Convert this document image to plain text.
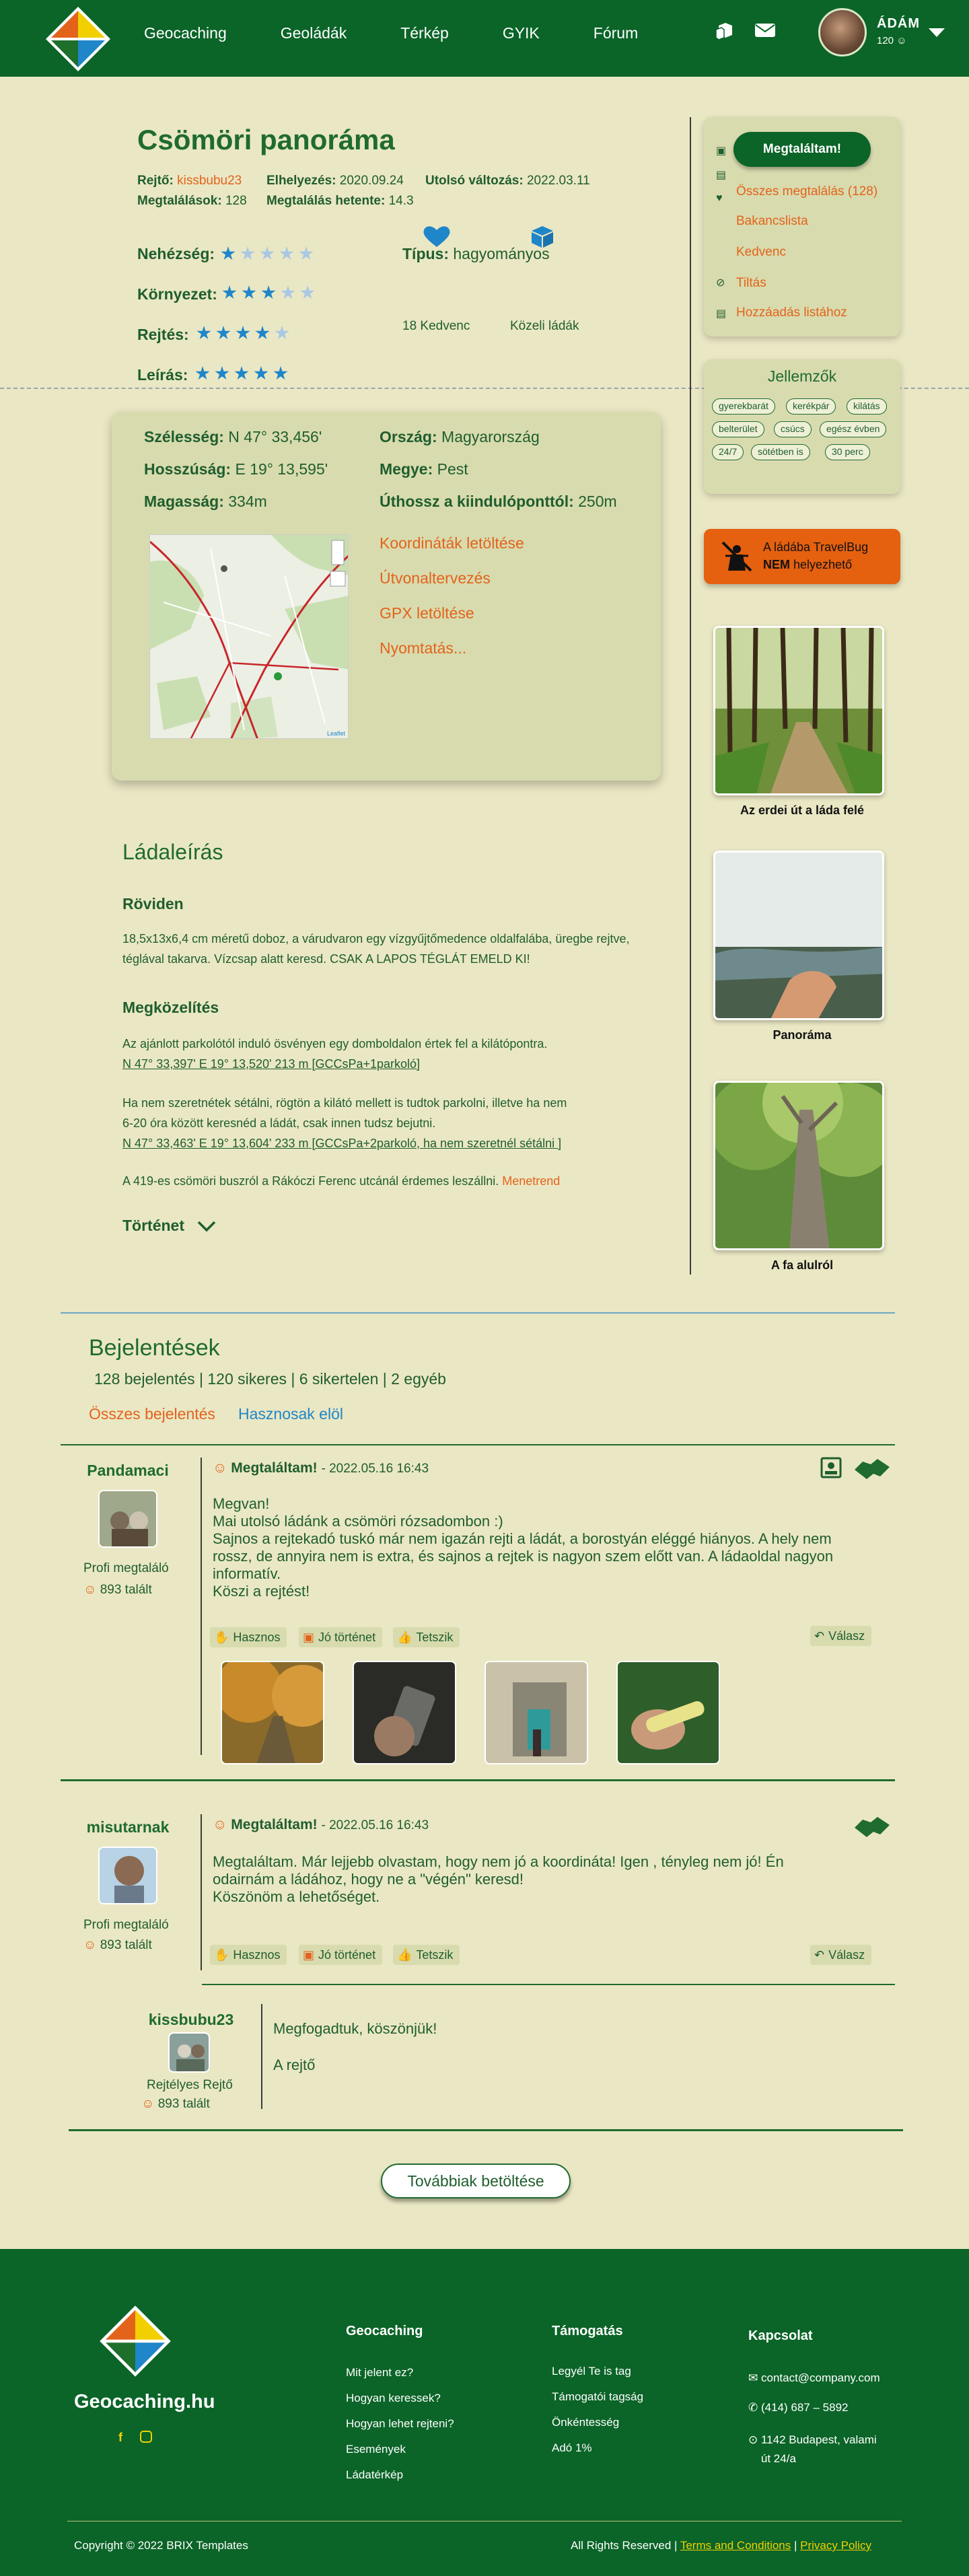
Geocaching	Geoládák	Térkép	GYIK	Fórum
ÁDÁM
120 ☺
Csömöri panoráma
Rejtő: kissbubu23 Elhelyezés: 2020.09.24 Utolsó változás: 2022.03.11
Megtalálások: 128 Megtalálás hetente: 14.3
Nehézség:
Környezet:
Rejtés:
Leírás:
Típus: hagyományos
18 Kedvenc	Közeli ládák
Szélesség: N 47° 33,456'
Hosszúság: E 19° 13,595'
Magasság: 334m
Ország: Magyarország
Megye: Pest
Úthossz a kiindulóponttól: 250m
Koordináták letöltése
Útvonaltervezés
GPX letöltése
Nyomtatás...
Leaflet
Megtaláltam!
▣
▤
♥
⊘
▤
Összes megtalálás (128)
Bakancslista
Kedvenc
Tiltás
Hozzáadás listához
Jellemzők
gyerekbarát	kerékpár	kilátás
belterület	csúcs	egész évben
24/7	sötétben is	30 perc
A ládába TravelBug
NEM helyezhető
Az erdei út a láda felé
Panoráma
A fa alulról
Ládaleírás
Röviden
18,5x13x6,4 cm méretű doboz, a várudvaron egy vízgyűjtőmedence oldalfalába, üregbe rejtve,
téglával takarva. Vízcsap alatt keresd. CSAK A LAPOS TÉGLÁT EMELD KI!
Megközelítés
Az ajánlott parkolótól induló ösvényen egy domboldalon értek fel a kilátópontra.
N 47° 33,397' E 19° 13,520' 213 m [GCCsPa+1parkoló]
Ha nem szeretnétek sétálni, rögtön a kilátó mellett is tudtok parkolni, illetve ha nem
6-20 óra között keresnéd a ládát, csak innen tudsz bejutni.
N 47° 33,463' E 19° 13,604' 233 m [GCCsPa+2parkoló, ha nem szeretnél sétálni ]
A 419-es csömöri buszról a Rákóczi Ferenc utcánál érdemes leszállni. Menetrend
Történet
Bejelentések
128 bejelentés | 120 sikeres | 6 sikertelen | 2 egyéb
Összes bejelentés Hasznosak elöl
Pandamaci
Profi megtaláló
☺ 893 talált
☺ Megtaláltam! - 2022.05.16 16:43
Megvan!
Mai utolsó ládánk a csömöri rózsadombon :)
Sajnos a rejtekadó tuskó már nem igazán rejti a ládát, a borostyán eléggé hiányos. A hely nem
rossz, de annyira nem is extra, és sajnos a rejtek is nagyon szem előtt van. A ládaoldal nagyon
informatív.
Köszi a rejtést!
✋ Hasznos ▣ Jó történet 👍 Tetszik	↶ Válasz
misutarnak
Profi megtaláló
☺ 893 talált
☺ Megtaláltam! - 2022.05.16 16:43
Megtaláltam. Már lejjebb olvastam, hogy nem jó a koordináta! Igen , tényleg nem jó! Én
odairnám a ládához, hogy ne a "végén" keresd!
Köszönöm a lehetőséget.
✋ Hasznos ▣ Jó történet 👍 Tetszik	↶ Válasz
kissbubu23
Rejtélyes Rejtő
☺ 893 talált
Megfogadtuk, köszönjük!
A rejtő
Továbbiak betöltése
Geocaching.hu
f
Geocaching
Mit jelent ez?
Hogyan keressek?
Hogyan lehet rejteni?
Események
Ládatérkép
Támogatás
Legyél Te is tag
Támogatói tagság
Önkéntesség
Adó 1%
Kapcsolat
✉ contact@company.com
✆ (414) 687 – 5892
⊙ 1142 Budapest, valami
út 24/a
Copyright © 2022 BRIX Templates	All Rights Reserved | Terms and Conditions | Privacy Policy
